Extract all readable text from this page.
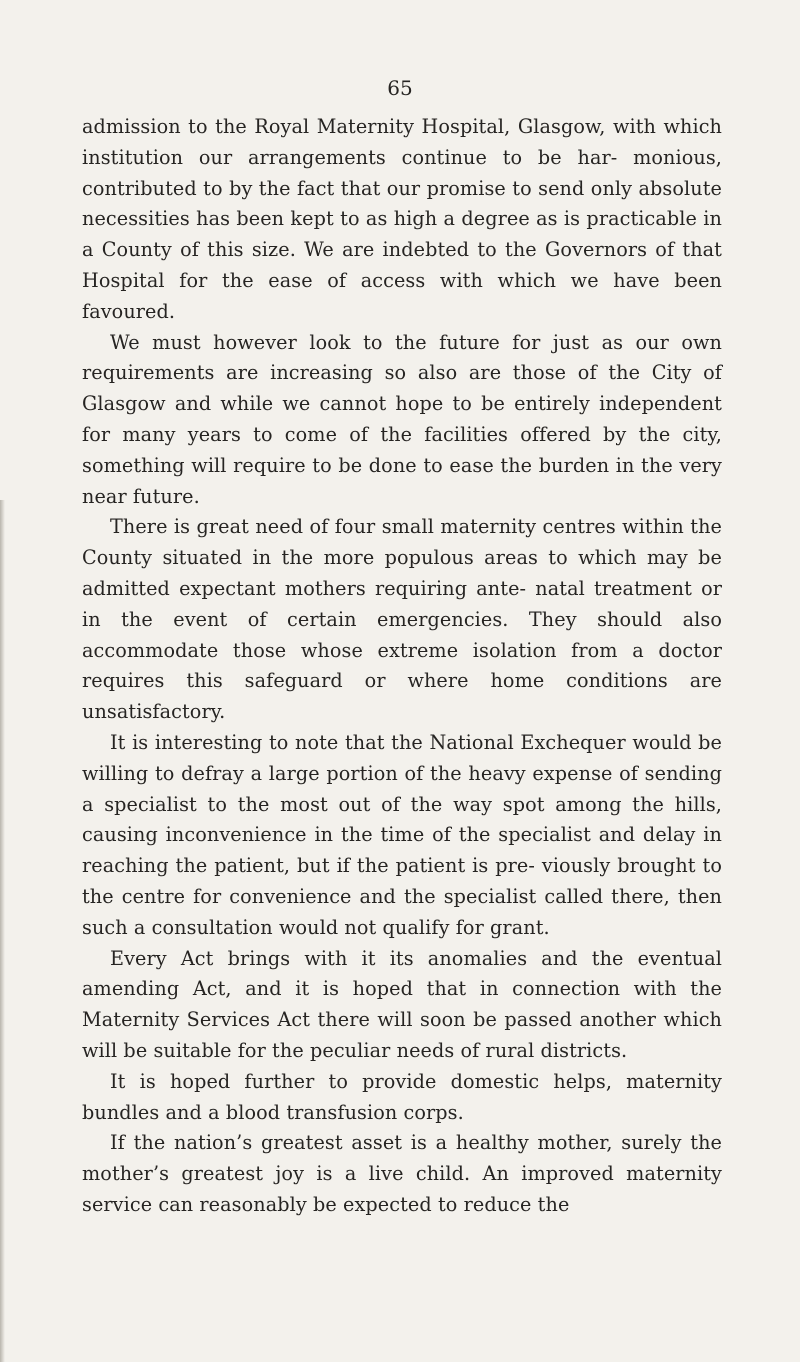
65

admission to the Royal Maternity Hospital, Glasgow, with which institution our arrangements continue to be har- monious, contributed to by the fact that our promise to send only absolute necessities has been kept to as high a degree as is practicable in a County of this size. We are indebted to the Governors of that Hospital for the ease of access with which we have been favoured.

We must however look to the future for just as our own requirements are increasing so also are those of the City of Glasgow and while we cannot hope to be entirely independent for many years to come of the facilities offered by the city, something will require to be done to ease the burden in the very near future.

There is great need of four small maternity centres within the County situated in the more populous areas to which may be admitted expectant mothers requiring ante- natal treatment or in the event of certain emergencies. They should also accommodate those whose extreme isolation from a doctor requires this safeguard or where home conditions are unsatisfactory.

It is interesting to note that the National Exchequer would be willing to defray a large portion of the heavy expense of sending a specialist to the most out of the way spot among the hills, causing inconvenience in the time of the specialist and delay in reaching the patient, but if the patient is pre- viously brought to the centre for convenience and the specialist called there, then such a consultation would not qualify for grant.

Every Act brings with it its anomalies and the eventual amending Act, and it is hoped that in connection with the Maternity Services Act there will soon be passed another which will be suitable for the peculiar needs of rural districts.

It is hoped further to provide domestic helps, maternity bundles and a blood transfusion corps.

If the nation’s greatest asset is a healthy mother, surely the mother’s greatest joy is a live child. An improved maternity service can reasonably be expected to reduce the
